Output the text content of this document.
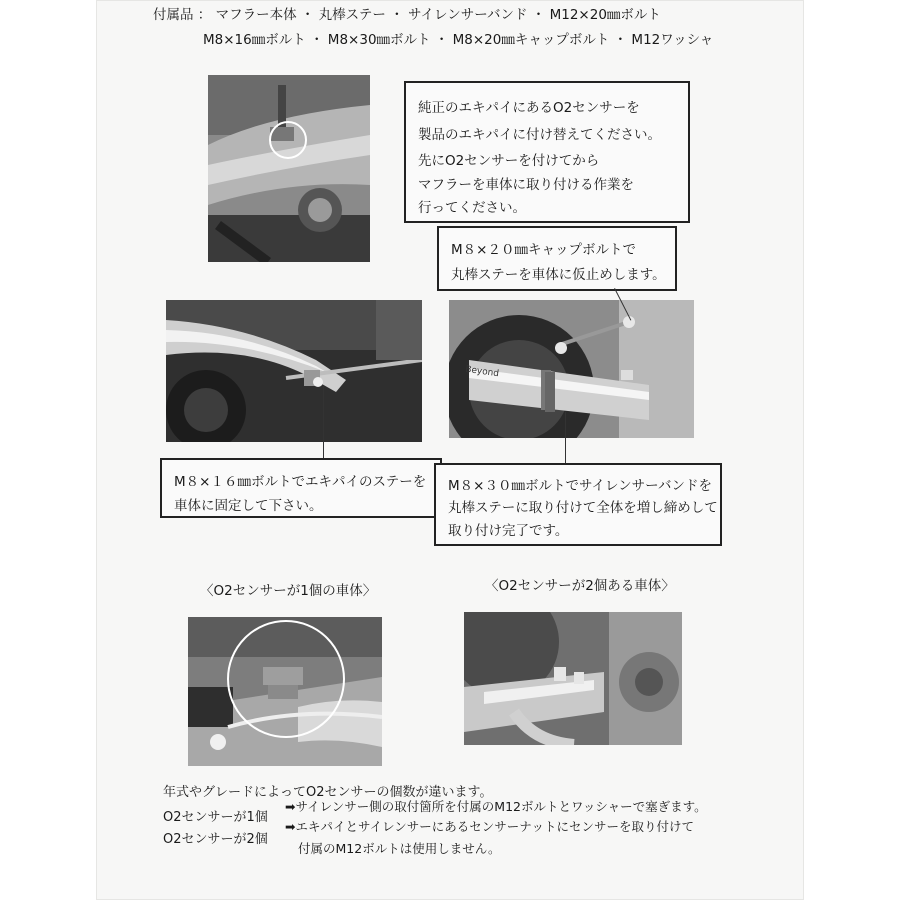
付属品 ： マフラー本体 ・ 丸棒ステー ・ サイレンサーバンド ・ M12×20㎜ボルト
M8×16㎜ボルト ・ M8×30㎜ボルト ・ M8×20㎜キャップボルト ・ M12ワッシャ
純正のエキパイにあるO2センサーを
製品のエキパイに付け替えてください。
先にO2センサーを付けてから
マフラーを車体に取り付ける作業を
行ってください。
M８×２０㎜キャップボルトで
丸棒ステーを車体に仮止めします。
Beyond
M８×１６㎜ボルトでエキパイのステーを
車体に固定して下さい。
M８×３０㎜ボルトでサイレンサーバンドを
丸棒ステーに取り付けて全体を増し締めして
取り付け完了です。
〈O2センサーが1個の車体〉	〈O2センサーが2個ある車体〉
年式やグレードによってO2センサーの個数が違います。
O2センサーが1個
➡サイレンサー側の取付箇所を付属のM12ボルトとワッシャーで塞ぎます。
O2センサーが2個
➡エキパイとサイレンサーにあるセンサーナットにセンサーを取り付けて
付属のM12ボルトは使用しません。
